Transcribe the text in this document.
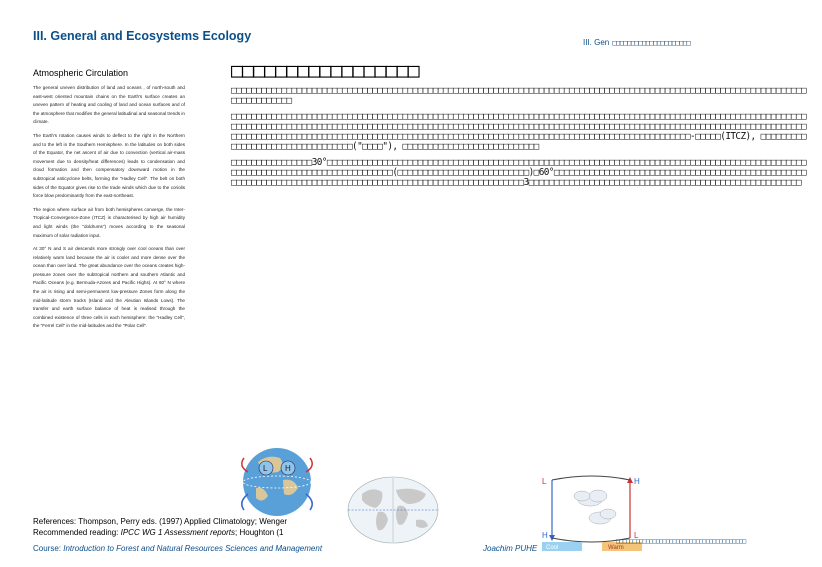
III. General and Ecosystems Ecology	III. Gen □□□□□□□□□□□□□□□□□□□□□
Atmospheric Circulation

The general uneven distribution of land and oceans , of north-south and east-west oriented mountain chains on the Earth's surface creates an uneven pattern of heating and cooling of land and ocean surfaces and of the atmosphere that modifies the general latitudinal and seasonal trends in climate.

The Earth's rotation causes winds to deflect to the right in the Northern and to the left in the Southern Hemisphere. In the latitudes on both sides of the Equator, the net ascent of air due to convection (vertical air-mass movement due to density/heat differences) leads to condensation and cloud formation and then compensatory downward motion in the subtropical anticyclone belts, forming the "Hadley Cell". The belt on both sides of the Equator gives rise to the trade winds which due to the coriolis force blow predominantly from the east-northeast.

The region where surface air from both hemispheres converge, the Inter-Tropical-Convergence-Zone (ITCZ) is characterised by high air humidity and light winds (the "doldrums") moves according to the seasonal maximum of solar radiation input.

At 30° N and S air descends more strongly over cool oceans than over relatively warm land because the air is cooler and more dense over the ocean than over land. The great abundance over the oceans creates high-pressure zones over the subtropical northern and southern Atlantic and Pacific Oceans (e.g. Bermuda-Azores and Pacific Highs). At 60° N where the air is rising and semi-permanent low-pressure Zones form along the mid-latitude storm tracks (Island and the Aleutian Islands Lows). The transfer and earth surface balance of heat is realised through the combined existence of three cells in each hemisphere: the "Hadley Cell", the "Ferrel Cell" in the mid-latitudes and the "Polar Cell".

□□□□□□□□□□□□□□□□□

□□□□□□□□□□□□□□□□□□□□□□□□□□□□□□□□□□□□□□□□□□□□□□□□□□□□□□□□□□□□□□□□□□□□□□□□□□□□□□□□□□□□□□□□□□□□□□□□□□□□□□□□□□□□□□□□□□□□□□□□□□□□□□

□□□□□□□□□□□□□□□□□□□□□□□□□□□□□□□□□□□□□□□□□□□□□□□□□□□□□□□□□□□□□□□□□□□□□□□□□□□□□□□□□□□□□□□□□□□□□□□□□□□□□□□□□□□□□□□□□□□□□□□□□□□□□□□□□□□□□□□□□□□□□□□□□□□□□□□□□□□□□□□□□□□□□□□□□□□□□□□□□□□□□□□□□□□□□□□□□□□□□□□□□□□□□□□□□□□□□□□□□□□□□□□□□□□□□□□□□□□□□□□□□□□□□□□□□□□□□□□□□□□□□□□□□□□□□□□□□□□□□□□□□□□□□□□□□□□□□□□□□□□□□□□□□□□□□□□□□□□□□□□-□□□□□(ITCZ), □□□□□□□□□□□□□□□□□□□□□□□□□□□□□□□□□("□□□□"), □□□□□□□□□□□□□□□□□□□□□□□□□□□

□□□□□□□□□□□□□□□□30°□□□□□□□□□□□□□□□□□□□□□□□□□□□□□□□□□□□□□□□□□□□□□□□□□□□□□□□□□□□□□□□□□□□□□□□□□□□□□□□□□□□□□□□□□□□□□□□□□□□□□□□□□□□□□□□□□□□□□□□□□□□□□□□(□□□□□□□□□□□□□□□□□□□□□□□□□□)□60°□□□□□□□□□□□□□□□□□□□□□□□□□□□□□□□□□□□□□□□□□□□□□□□□□□□□□□□□□□□□□□□□□□□□□□□□□□□□□□□□□□□□□□□□□□□□□□□□□□□□□□□□□□□□3□□□□□□□□□□□□□□□□□□□□□□□□□□□□□□□□□□□□□□□□□□□□□□□□□□□□□□

L H
L	H
H	L
Cool	Warm
References: Thompson, Perry eds. (1997) Applied Climatology; Wenger
Recommended reading: IPCC WG 1 Assessment reports; Houghton (1
Course: Introduction to Forest and Natural Resources Sciences and Management	Joachim PUHE
□□□□□□□□□□□□□□□□□□□□□□□□□□□□□□□□□□□□□□□
